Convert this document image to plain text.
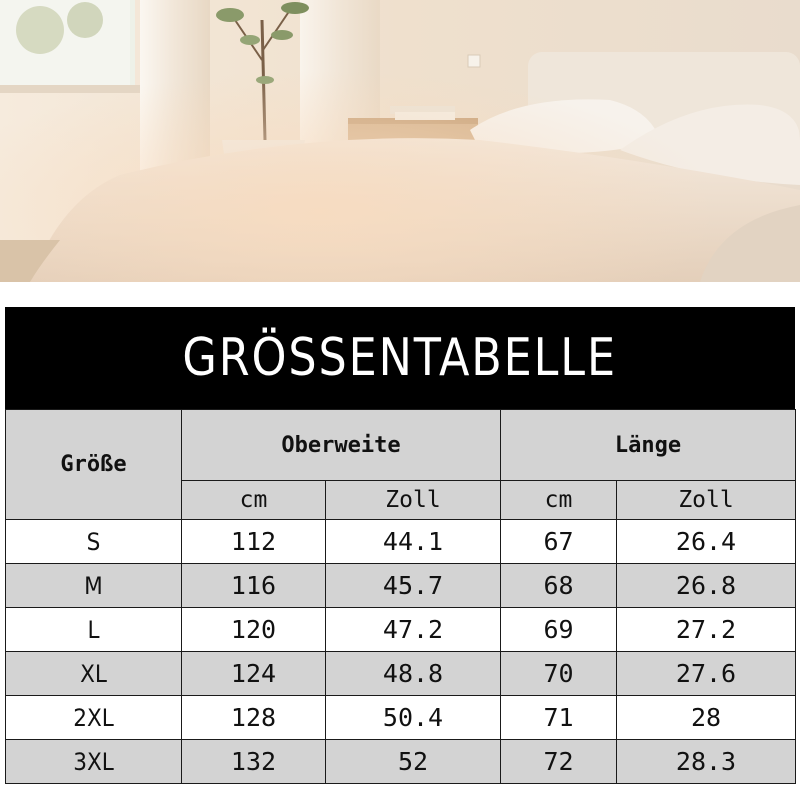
GRÖSSENTABELLE
Größe	Oberweite		Länge	
	cm	Zoll	cm	Zoll
S	112	44.1	67	26.4
M	116	45.7	68	26.8
L	120	47.2	69	27.2
XL	124	48.8	70	27.6
2XL	128	50.4	71	28
3XL	132	52	72	28.3
